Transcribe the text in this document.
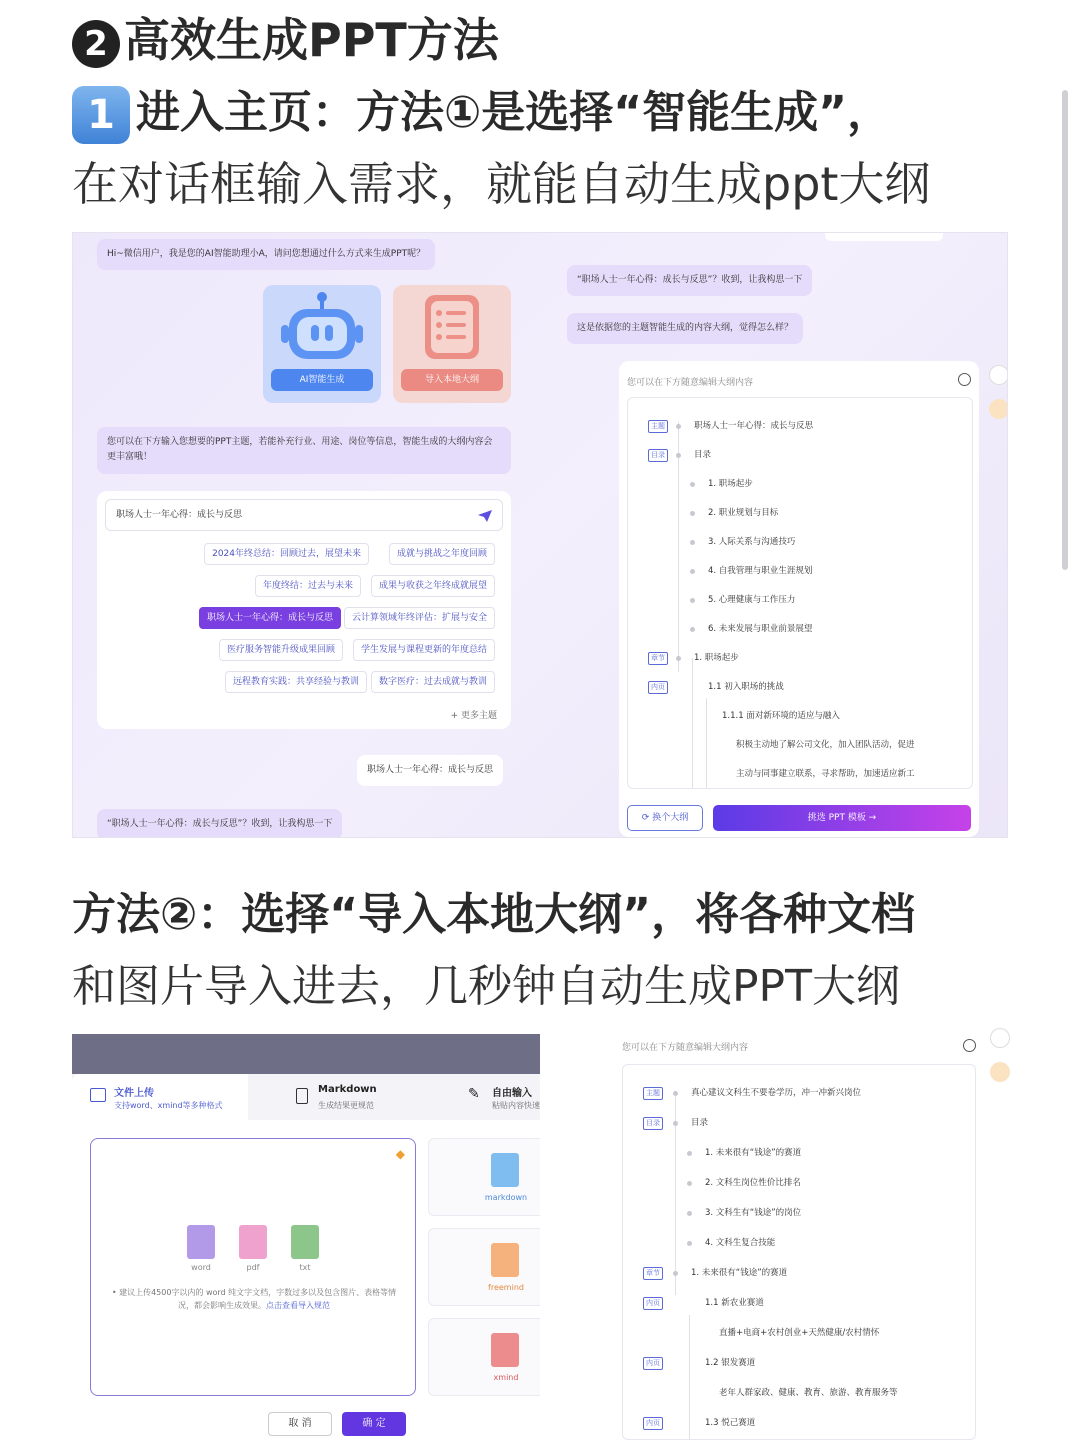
2 高效生成PPT方法
1 进入主页：方法①是选择“智能生成”，
在对话框输入需求，就能自动生成ppt大纲
Hi~微信用户，我是您的AI智能助理小A，请问您想通过什么方式来生成PPT呢？
AI智能生成	导入本地大纲
您可以在下方输入您想要的PPT主题，若能补充行业、用途、岗位等信息，智能生成的大纲内容会更丰富哦！
职场人士一年心得：成长与反思
成就与挑战之年度回顾
2024年终总结：回顾过去，展望未来
成果与收获之年终成就展望
年度终结：过去与未来
云计算领域年终评估：扩展与安全
职场人士一年心得：成长与反思
学生发展与课程更新的年度总结
医疗服务智能升级成果回顾
数字医疗：过去成就与教训
远程教育实践：共享经验与教训
+ 更多主题
职场人士一年心得：成长与反思
“职场人士一年心得：成长与反思”？收到，让我构思一下
“职场人士一年心得：成长与反思”？收到，让我构思一下
这是依据您的主题智能生成的内容大纲，觉得怎么样？
您可以在下方随意编辑大纲内容
主题	职场人士一年心得：成长与反思
目录	目录
1. 职场起步
2. 职业规划与目标
3. 人际关系与沟通技巧
4. 自我管理与职业生涯规划
5. 心理健康与工作压力
6. 未来发展与职业前景展望
章节	1. 职场起步
内页	1.1 初入职场的挑战
1.1.1 面对新环境的适应与融入
积极主动地了解公司文化，加入团队活动，促进
主动与同事建立联系，寻求帮助，加速适应新工
⟳ 换个大纲	挑选 PPT 模板 →
方法②：选择“导入本地大纲”，将各种文档
和图片导入进去，几秒钟自动生成PPT大纲
文件上传
支持word、xmind等多种格式
Markdown
生成结果更规范
✎ 自由输入
粘贴内容快速
◆
word	pdf	txt
• 建议上传4500字以内的 word 纯文字文档，字数过多以及包含图片、表格等情况，都会影响生成效果。点击查看导入规范
markdown
freemind
xmind
取 消	确 定
您可以在下方随意编辑大纲内容
主题	真心建议文科生不要卷学历，冲一冲新兴岗位
目录	目录
1. 未来很有“钱途”的赛道
2. 文科生岗位性价比排名
3. 文科生有“钱途”的岗位
4. 文科生复合技能
章节	1. 未来很有“钱途”的赛道
内页	1.1 新农业赛道
直播+电商+农村创业+天然健康/农村情怀
内页	1.2 银发赛道
老年人群家政、健康、教育、旅游、教育服务等
内页	1.3 悦己赛道
